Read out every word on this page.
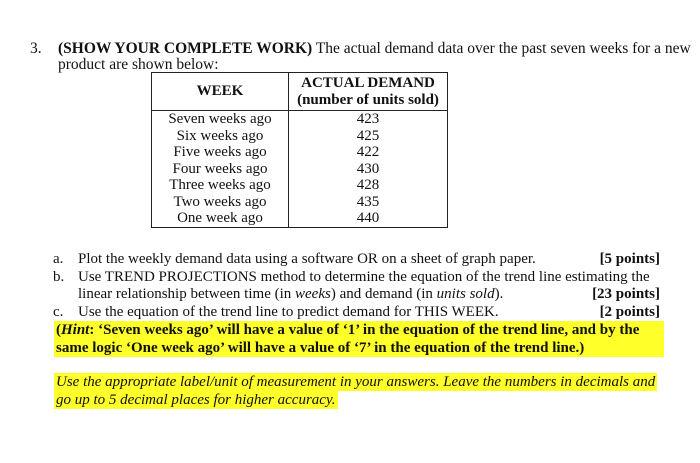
3. (SHOW YOUR COMPLETE WORK) The actual demand data over the past seven weeks for a new
product are shown below:
WEEK	ACTUAL DEMAND
(number of units sold)
Seven weeks ago	423
Six weeks ago	425
Five weeks ago	422
Four weeks ago	430
Three weeks ago	428
Two weeks ago	435
One week ago	440
a. Plot the weekly demand data using a software OR on a sheet of graph paper.	[5 points]
b. Use TREND PROJECTIONS method to determine the equation of the trend line estimating the
linear relationship between time (in weeks) and demand (in units sold).	[23 points]
c. Use the equation of the trend line to predict demand for THIS WEEK.	[2 points]
(Hint: ‘Seven weeks ago’ will have a value of ‘1’ in the equation of the trend line, and by the
same logic ‘One week ago’ will have a value of ‘7’ in the equation of the trend line.)
Use the appropriate label/unit of measurement in your answers. Leave the numbers in decimals and
go up to 5 decimal places for higher accuracy.
